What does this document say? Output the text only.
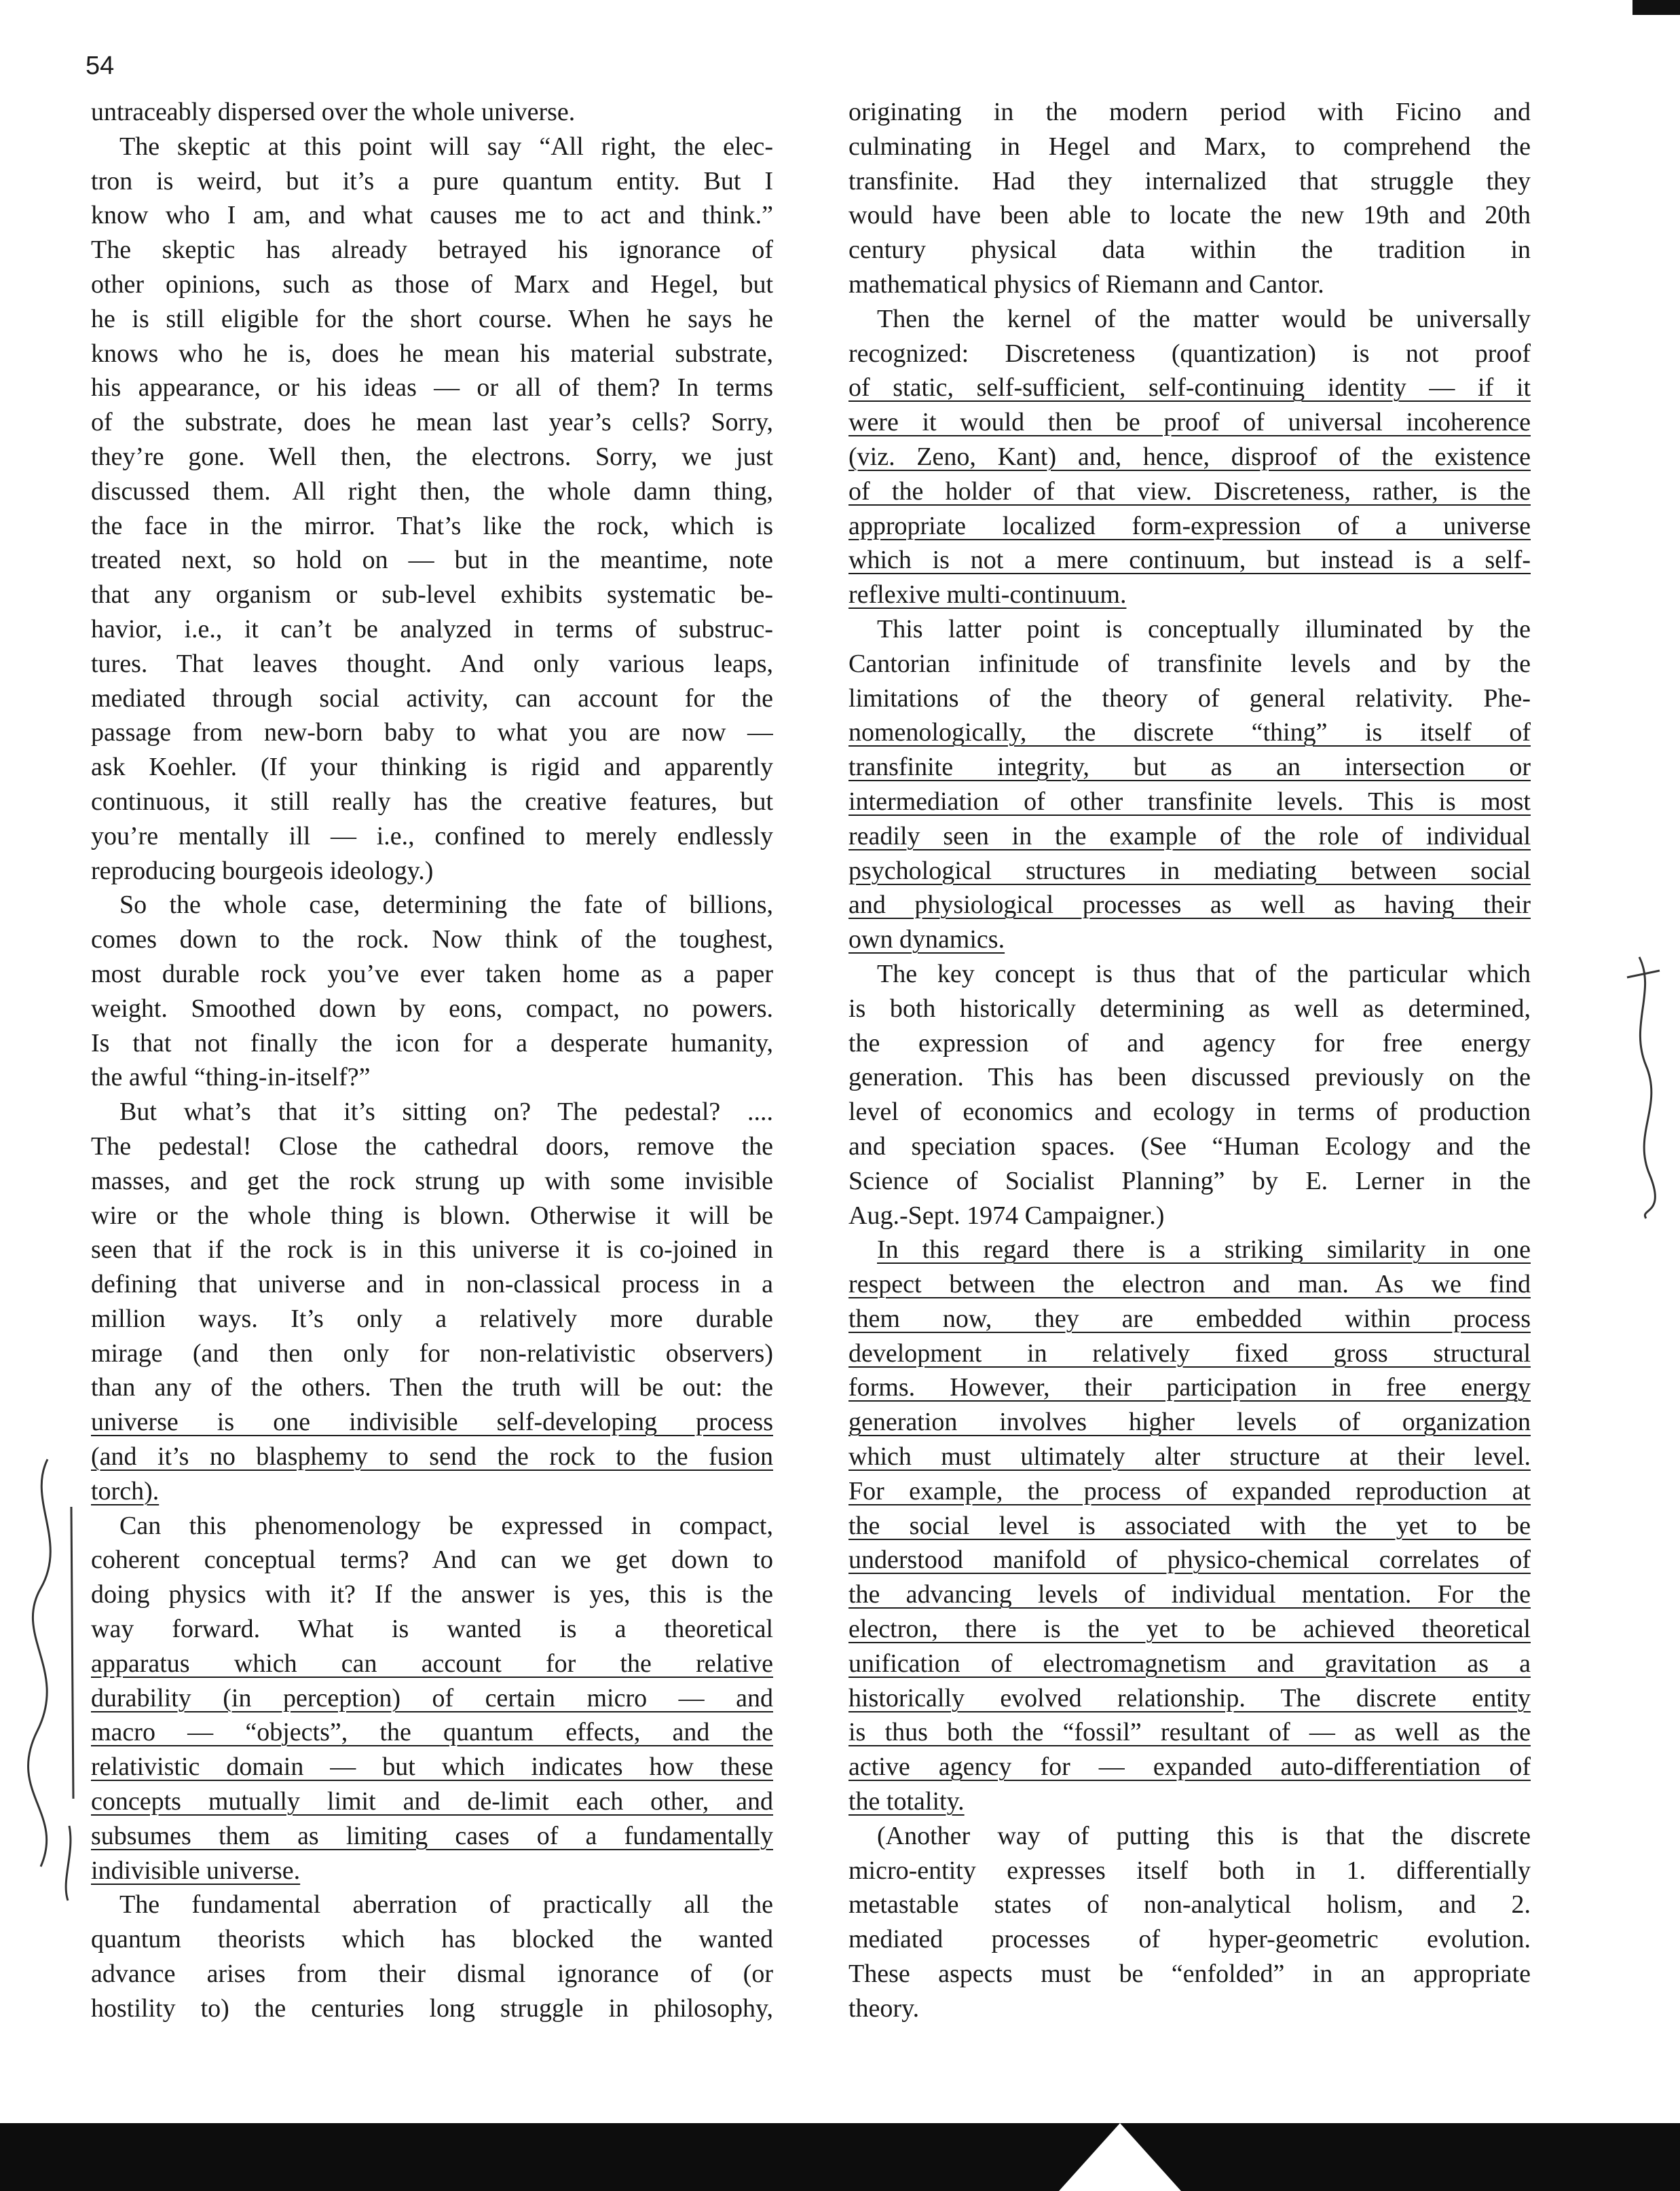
54

untraceably dispersed over the whole universe.
The skeptic at this point will say “All right, the elec-
tron is weird, but it’s a pure quantum entity. But I
know who I am, and what causes me to act and think.”
The skeptic has already betrayed his ignorance of
other opinions, such as those of Marx and Hegel, but
he is still eligible for the short course. When he says he
knows who he is, does he mean his material substrate,
his appearance, or his ideas — or all of them? In terms
of the substrate, does he mean last year’s cells? Sorry,
they’re gone. Well then, the electrons. Sorry, we just
discussed them. All right then, the whole damn thing,
the face in the mirror. That’s like the rock, which is
treated next, so hold on — but in the meantime, note
that any organism or sub-level exhibits systematic be-
havior, i.e., it can’t be analyzed in terms of substruc-
tures. That leaves thought. And only various leaps,
mediated through social activity, can account for the
passage from new-born baby to what you are now —
ask Koehler. (If your thinking is rigid and apparently
continuous, it still really has the creative features, but
you’re mentally ill — i.e., confined to merely endlessly
reproducing bourgeois ideology.)
So the whole case, determining the fate of billions,
comes down to the rock. Now think of the toughest,
most durable rock you’ve ever taken home as a paper
weight. Smoothed down by eons, compact, no powers.
Is that not finally the icon for a desperate humanity,
the awful “thing-in-itself?”
But what’s that it’s sitting on? The pedestal? ....
The pedestal! Close the cathedral doors, remove the
masses, and get the rock strung up with some invisible
wire or the whole thing is blown. Otherwise it will be
seen that if the rock is in this universe it is co-joined in
defining that universe and in non-classical process in a
million ways. It’s only a relatively more durable
mirage (and then only for non-relativistic observers)
than any of the others. Then the truth will be out: the
universe is one indivisible self-developing process
(and it’s no blasphemy to send the rock to the fusion
torch).
Can this phenomenology be expressed in compact,
coherent conceptual terms? And can we get down to
doing physics with it? If the answer is yes, this is the
way forward. What is wanted is a theoretical
apparatus which can account for the relative
durability (in perception) of certain micro — and
macro — “objects”, the quantum effects, and the
relativistic domain — but which indicates how these
concepts mutually limit and de-limit each other, and
subsumes them as limiting cases of a fundamentally
indivisible universe.
The fundamental aberration of practically all the
quantum theorists which has blocked the wanted
advance arises from their dismal ignorance of (or
hostility to) the centuries long struggle in philosophy,
originating in the modern period with Ficino and
culminating in Hegel and Marx, to comprehend the
transfinite. Had they internalized that struggle they
would have been able to locate the new 19th and 20th
century physical data within the tradition in
mathematical physics of Riemann and Cantor.
Then the kernel of the matter would be universally
recognized: Discreteness (quantization) is not proof
of static, self-sufficient, self-continuing identity — if it
were it would then be proof of universal incoherence
(viz. Zeno, Kant) and, hence, disproof of the existence
of the holder of that view. Discreteness, rather, is the
appropriate localized form-expression of a universe
which is not a mere continuum, but instead is a self-
reflexive multi-continuum.
This latter point is conceptually illuminated by the
Cantorian infinitude of transfinite levels and by the
limitations of the theory of general relativity. Phe-
nomenologically, the discrete “thing” is itself of
transfinite integrity, but as an intersection or
intermediation of other transfinite levels. This is most
readily seen in the example of the role of individual
psychological structures in mediating between social
and physiological processes as well as having their
own dynamics.
The key concept is thus that of the particular which
is both historically determining as well as determined,
the expression of and agency for free energy
generation. This has been discussed previously on the
level of economics and ecology in terms of production
and speciation spaces. (See “Human Ecology and the
Science of Socialist Planning” by E. Lerner in the
Aug.-Sept. 1974 Campaigner.)
In this regard there is a striking similarity in one
respect between the electron and man. As we find
them now, they are embedded within process
development in relatively fixed gross structural
forms. However, their participation in free energy
generation involves higher levels of organization
which must ultimately alter structure at their level.
For example, the process of expanded reproduction at
the social level is associated with the yet to be
understood manifold of physico-chemical correlates of
the advancing levels of individual mentation. For the
electron, there is the yet to be achieved theoretical
unification of electromagnetism and gravitation as a
historically evolved relationship. The discrete entity
is thus both the “fossil” resultant of — as well as the
active agency for — expanded auto-differentiation of
the totality.
(Another way of putting this is that the discrete
micro-entity expresses itself both in 1. differentially
metastable states of non-analytical holism, and 2.
mediated processes of hyper-geometric evolution.
These aspects must be “enfolded” in an appropriate
theory.
